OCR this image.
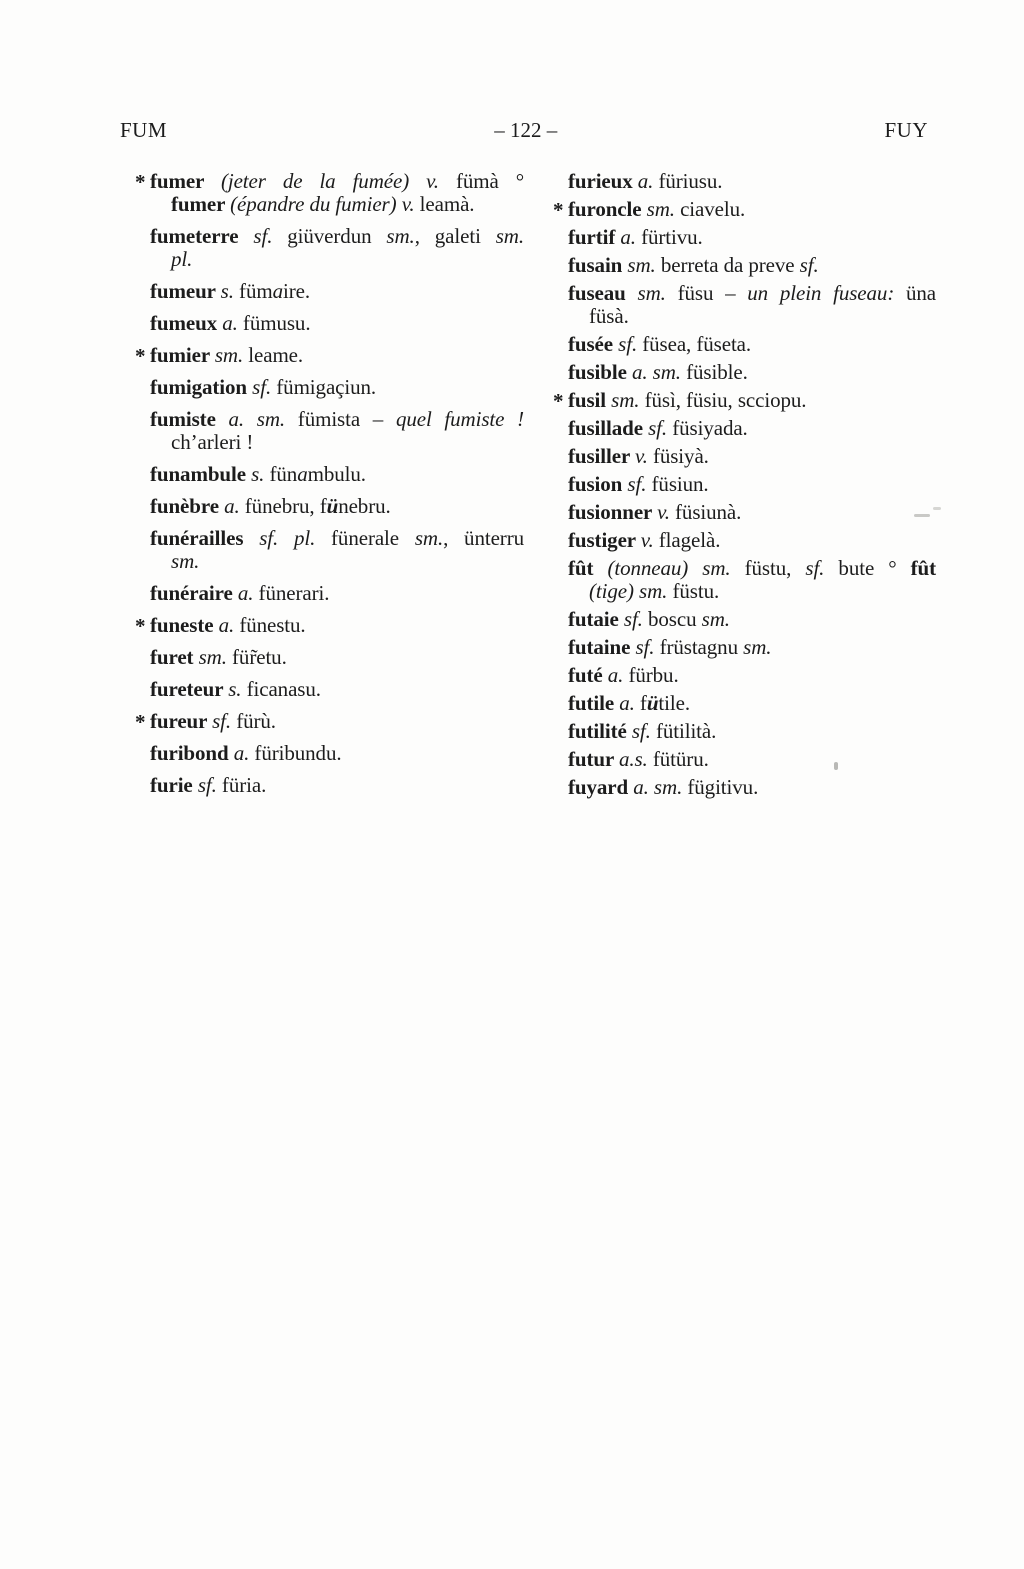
FUM	– 122 –	FUY
* fumer (jeter de la fumée) v. fümà °
fumer (épandre du fumier) v. leamà.
fumeterre sf. giüverdun sm., galeti sm.
pl.
fumeur s. fümaire.
fumeux a. fümusu.
* fumier sm. leame.
fumigation sf. fümigaçiun.
fumiste a. sm. fümista – quel fumiste !
ch’arleri !
funambule s. fünambulu.
funèbre a. fünebru, fünebru.
funérailles sf. pl. fünerale sm., ünterru
sm.
funéraire a. fünerari.
* funeste a. fünestu.
furet sm. für̃etu.
fureteur s. ficanasu.
* fureur sf. fürù.
furibond a. füribundu.
furie sf. füria.
furieux a. füriusu.
* furoncle sm. ciavelu.
furtif a. fürtivu.
fusain sm. berreta da preve sf.
fuseau sm. füsu – un plein fuseau: üna
füsà.
fusée sf. füsea, füseta.
fusible a. sm. füsible.
* fusil sm. füsì, füsiu, scciopu.
fusillade sf. füsiyada.
fusiller v. füsiyà.
fusion sf. füsiun.
fusionner v. füsiunà.
fustiger v. flagelà.
fût (tonneau) sm. füstu, sf. bute ° fût
(tige) sm. füstu.
futaie sf. boscu sm.
futaine sf. früstagnu sm.
futé a. fürbu.
futile a. fütile.
futilité sf. fütilità.
futur a.s. fütüru.
fuyard a. sm. fügitivu.
